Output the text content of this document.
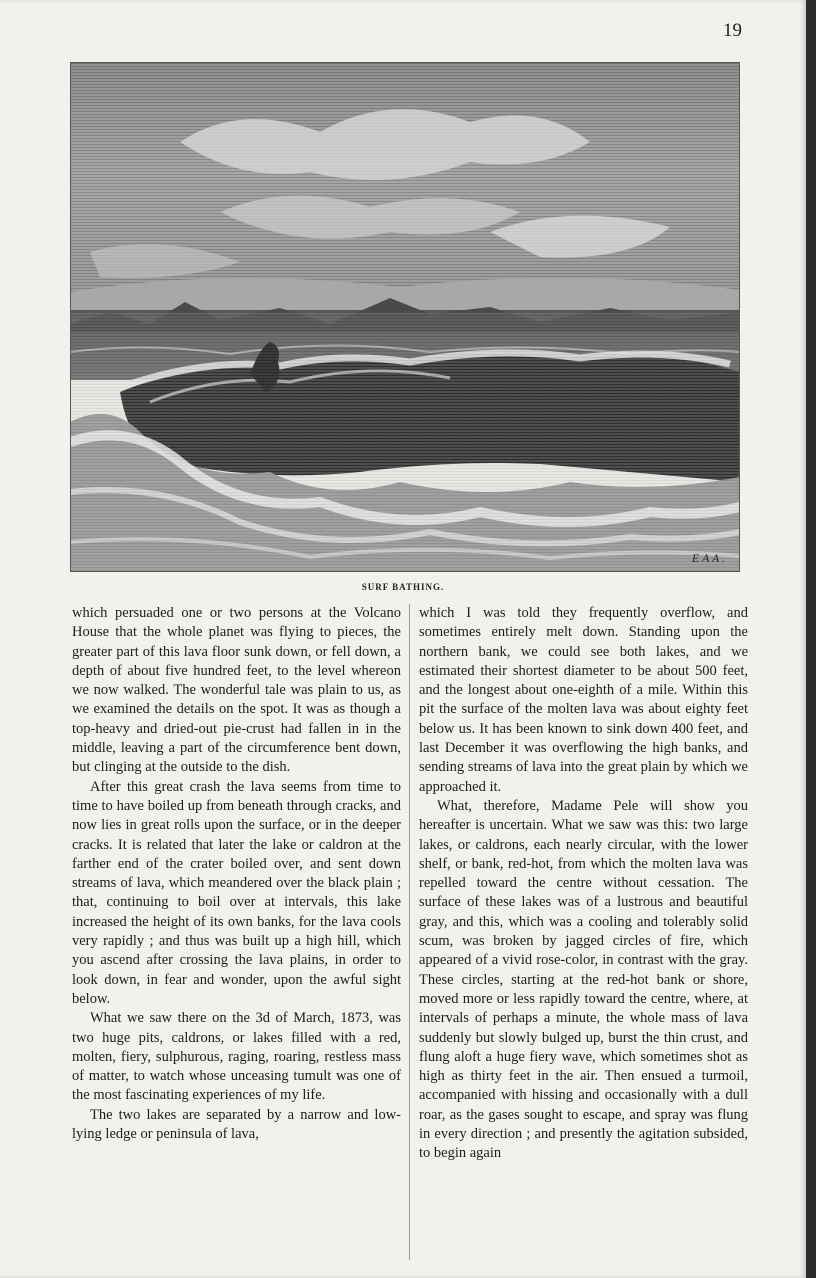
19
E A A .
SURF BATHING.

which persuaded one or two persons at the Volcano House that the whole planet was flying to pieces, the greater part of this lava floor sunk down, or fell down, a depth of about five hundred feet, to the level whereon we now walked. The wonderful tale was plain to us, as we examined the details on the spot. It was as though a top-heavy and dried-out pie-crust had fallen in in the middle, leaving a part of the circumference bent down, but clinging at the outside to the dish.

After this great crash the lava seems from time to time to have boiled up from beneath through cracks, and now lies in great rolls upon the surface, or in the deeper cracks. It is related that later the lake or caldron at the farther end of the crater boiled over, and sent down streams of lava, which meandered over the black plain ; that, continuing to boil over at intervals, this lake increased the height of its own banks, for the lava cools very rapidly ; and thus was built up a high hill, which you ascend after crossing the lava plains, in order to look down, in fear and wonder, upon the awful sight below.

What we saw there on the 3d of March, 1873, was two huge pits, caldrons, or lakes filled with a red, molten, fiery, sulphurous, raging, roaring, restless mass of matter, to watch whose unceasing tumult was one of the most fascinating experiences of my life.

The two lakes are separated by a narrow and low-lying ledge or peninsula of lava,

which I was told they frequently overflow, and sometimes entirely melt down. Standing upon the northern bank, we could see both lakes, and we estimated their shortest diameter to be about 500 feet, and the longest about one-eighth of a mile. Within this pit the surface of the molten lava was about eighty feet below us. It has been known to sink down 400 feet, and last December it was overflowing the high banks, and sending streams of lava into the great plain by which we approached it.

What, therefore, Madame Pele will show you hereafter is uncertain. What we saw was this: two large lakes, or caldrons, each nearly circular, with the lower shelf, or bank, red-hot, from which the molten lava was repelled toward the centre without cessation. The surface of these lakes was of a lustrous and beautiful gray, and this, which was a cooling and tolerably solid scum, was broken by jagged circles of fire, which appeared of a vivid rose-color, in contrast with the gray. These circles, starting at the red-hot bank or shore, moved more or less rapidly toward the centre, where, at intervals of perhaps a minute, the whole mass of lava suddenly but slowly bulged up, burst the thin crust, and flung aloft a huge fiery wave, which sometimes shot as high as thirty feet in the air. Then ensued a turmoil, accompanied with hissing and occasionally with a dull roar, as the gases sought to escape, and spray was flung in every direction ; and presently the agitation subsided, to begin again
